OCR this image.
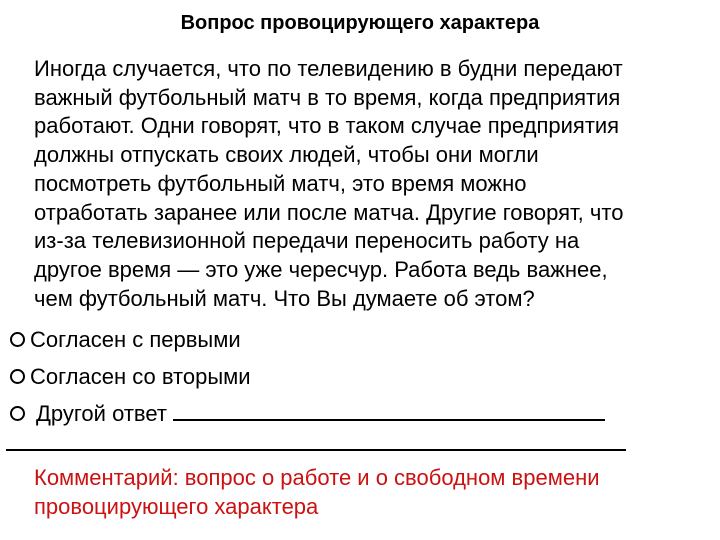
Вопрос провоцирующего характера
Иногда случается, что по телевидению в будни передают
важный футбольный матч в то время, когда предприятия
работают. Одни говорят, что в таком случае предприятия
должны отпускать своих людей, чтобы они могли
посмотреть футбольный матч, это время можно
отработать заранее или после матча. Другие говорят, что
из-за телевизионной передачи переносить работу на
другое время — это уже чересчур. Работа ведь важнее,
чем футбольный матч. Что Вы думаете об этом?
Согласен с первыми
Согласен со вторыми
Другой ответ
Комментарий: вопрос о работе и о свободном времени
провоцирующего характера
